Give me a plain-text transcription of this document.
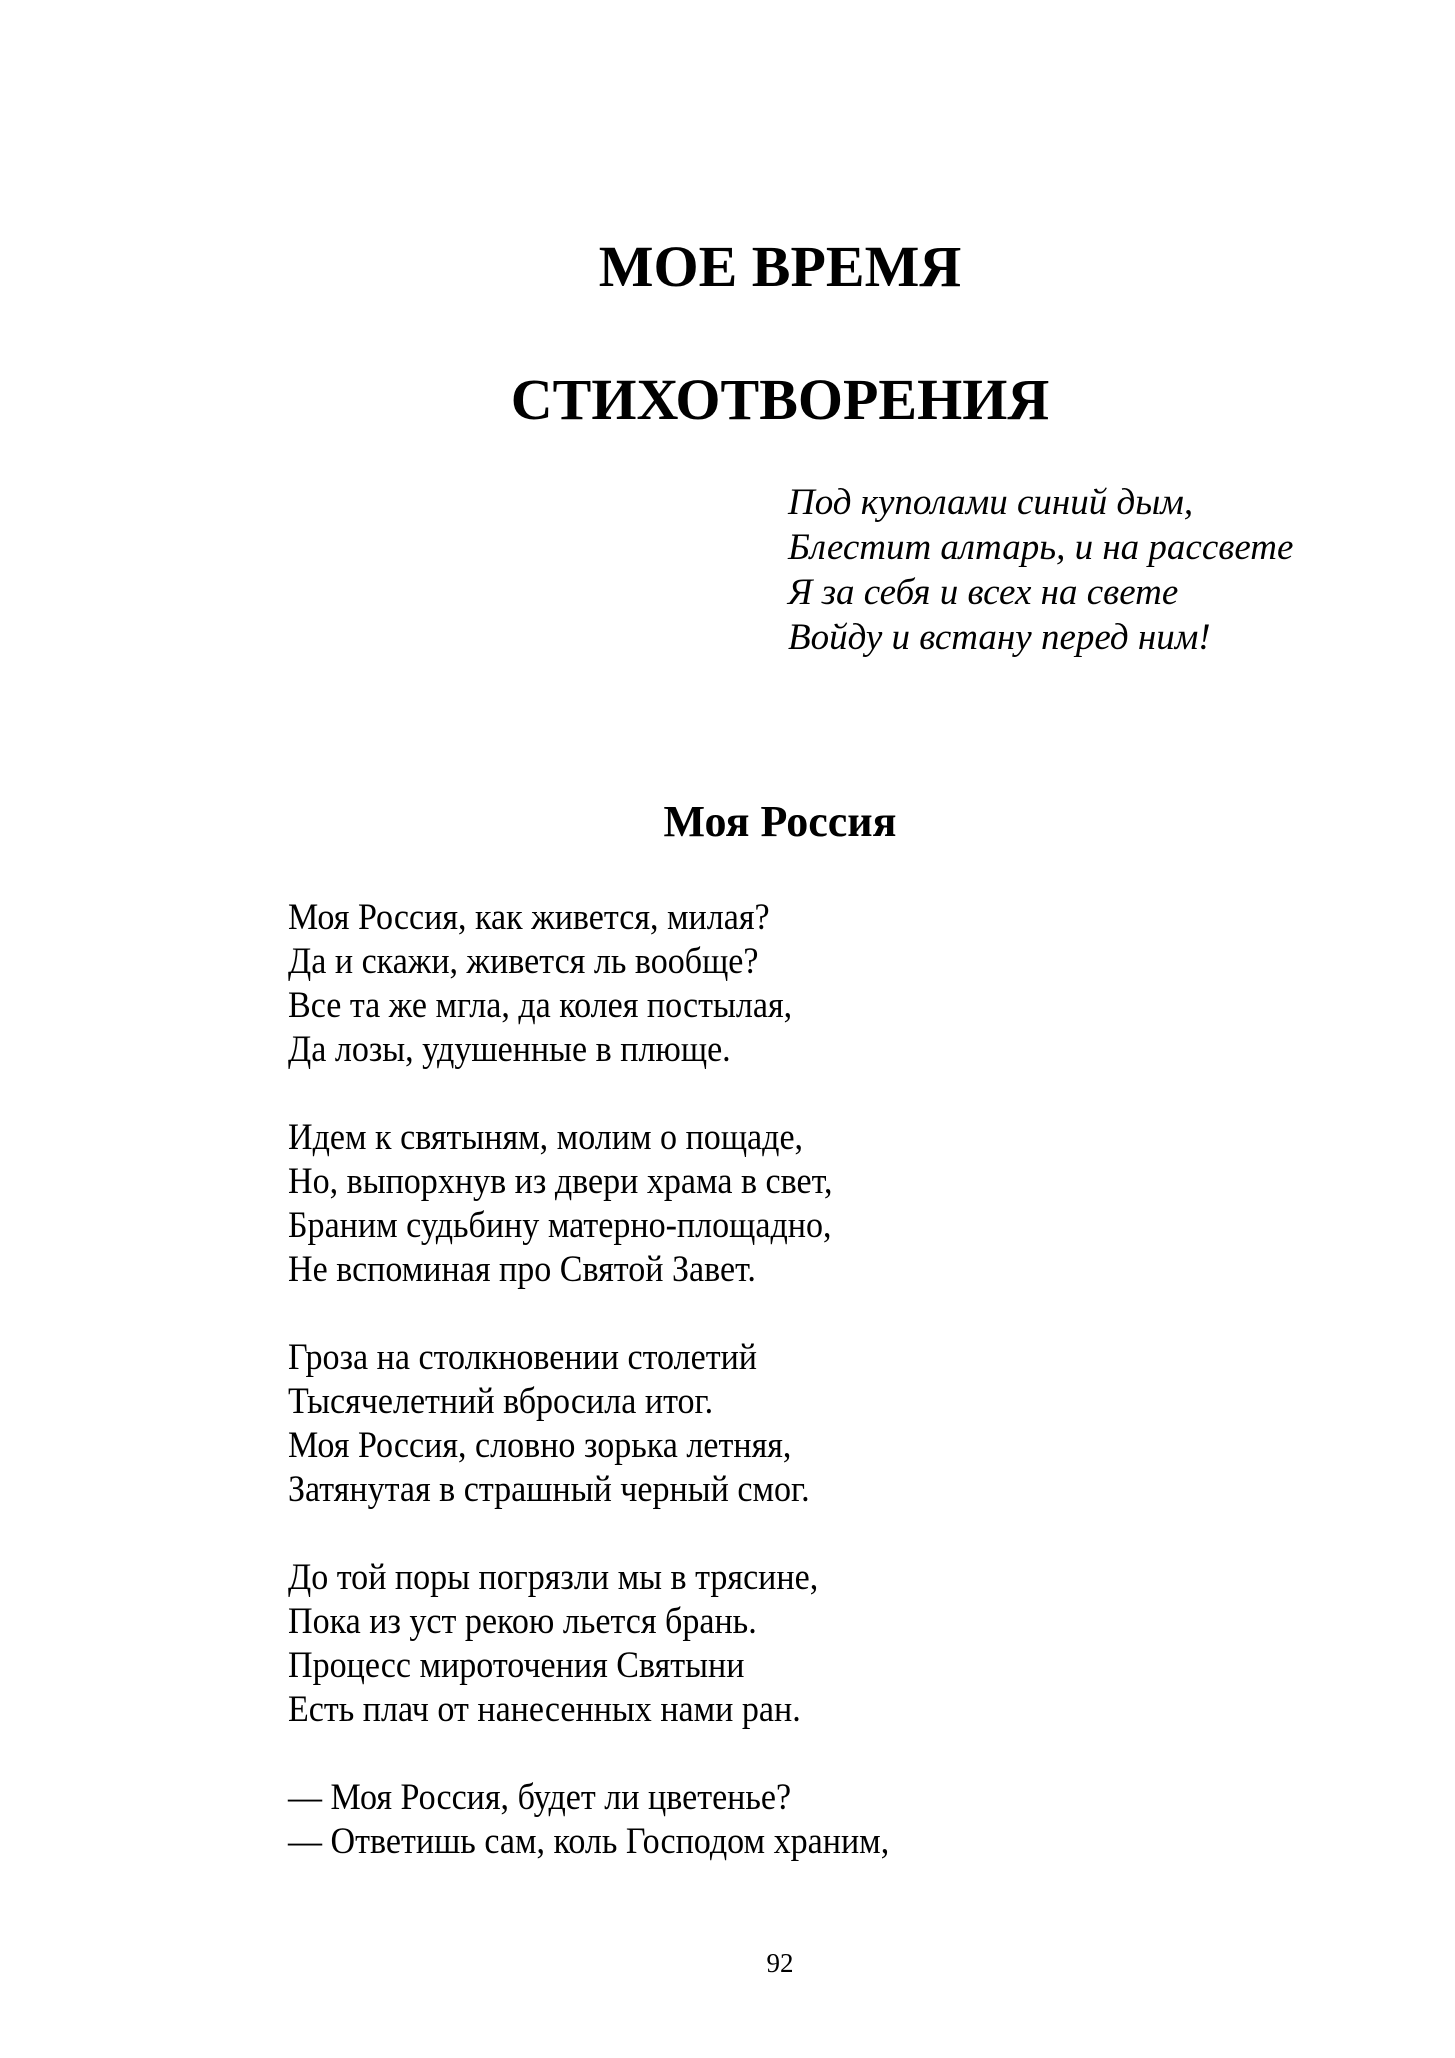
МОЕ ВРЕМЯ
СТИХОТВОРЕНИЯ
Под куполами синий дым,
Блестит алтарь, и на рассвете
Я за себя и всех на свете
Войду и встану перед ним!
Моя Россия
Моя Россия, как живется, милая?
Да и скажи, живется ль вообще?
Все та же мгла, да колея постылая,
Да лозы, удушенные в плюще.
Идем к святыням, молим о пощаде,
Но, выпорхнув из двери храма в свет,
Браним судьбину матерно-площадно,
Не вспоминая про Святой Завет.
Гроза на столкновении столетий
Тысячелетний вбросила итог.
Моя Россия, словно зорька летняя,
Затянутая в страшный черный смог.
До той поры погрязли мы в трясине,
Пока из уст рекою льется брань.
Процесс мироточения Святыни
Есть плач от нанесенных нами ран.
— Моя Россия, будет ли цветенье?
— Ответишь сам, коль Господом храним,
92
